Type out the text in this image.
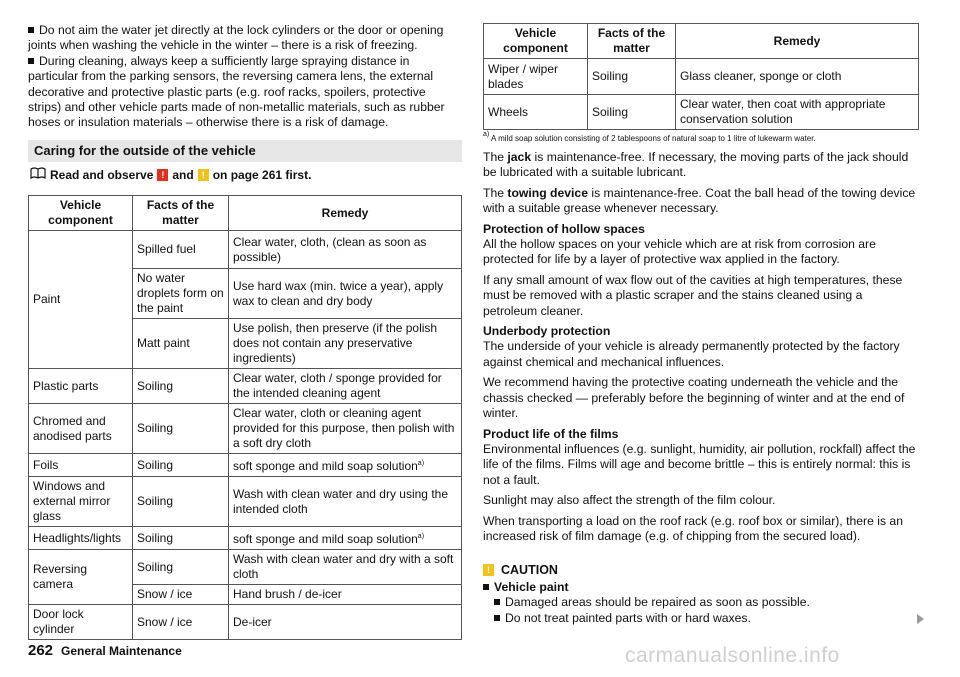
Do not aim the water jet directly at the lock cylinders or the door or opening joints when washing the vehicle in the winter – there is a risk of freezing.

During cleaning, always keep a sufficiently large spraying distance in particular from the parking sensors, the reversing camera lens, the external decorative and protective plastic parts (e.g. roof racks, spoilers, protective strips) and other vehicle parts made of non-metallic materials, such as rubber hoses or insulation materials – otherwise there is a risk of damage.

Caring for the outside of the vehicle
Read and observe ! and ! on page 261 first.
Vehicle component	Facts of the matter	Remedy
Paint	Spilled fuel	Clear water, cloth, (clean as soon as possible)
	No water droplets form on the paint	Use hard wax (min. twice a year), apply wax to clean and dry body
	Matt paint	Use polish, then preserve (if the polish does not contain any preservative ingredients)
Plastic parts	Soiling	Clear water, cloth / sponge provided for the intended cleaning agent
Chromed and anodised parts	Soiling	Clear water, cloth or cleaning agent provided for this purpose, then polish with a soft dry cloth
Foils	Soiling	soft sponge and mild soap solution$^{a)}$
Windows and external mirror glass	Soiling	Wash with clean water and dry using the intended cloth
Headlights/lights	Soiling	soft sponge and mild soap solution$^{a)}$
Reversing camera	Soiling	Wash with clean water and dry with a soft cloth
	Snow / ice	Hand brush / de-icer
Door lock cylinder	Snow / ice	De-icer
Vehicle component	Facts of the matter	Remedy
Wiper / wiper blades	Soiling	Glass cleaner, sponge or cloth
Wheels	Soiling	Clear water, then coat with appropriate conservation solution
a) A mild soap solution consisting of 2 tablespoons of natural soap to 1 litre of lukewarm water.

The jack is maintenance-free. If necessary, the moving parts of the jack should be lubricated with a suitable lubricant.

The towing device is maintenance-free. Coat the ball head of the towing device with a suitable grease whenever necessary.

Protection of hollow spaces

All the hollow spaces on your vehicle which are at risk from corrosion are protected for life by a layer of protective wax applied in the factory.

If any small amount of wax flow out of the cavities at high temperatures, these must be removed with a plastic scraper and the stains cleaned using a petroleum cleaner.

Underbody protection

The underside of your vehicle is already permanently protected by the factory against chemical and mechanical influences.

We recommend having the protective coating underneath the vehicle and the chassis checked — preferably before the beginning of winter and at the end of winter.

Product life of the films

Environmental influences (e.g. sunlight, humidity, air pollution, rockfall) affect the life of the films. Films will age and become brittle – this is entirely normal: this is not a fault.

Sunlight may also affect the strength of the film colour.

When transporting a load on the roof rack (e.g. roof box or similar), there is an increased risk of film damage (e.g. of chipping from the secured load).

! CAUTION

Vehicle paint

Damaged areas should be repaired as soon as possible.

Do not treat painted parts with or hard waxes.

262 General Maintenance	carmanualsonline.info
